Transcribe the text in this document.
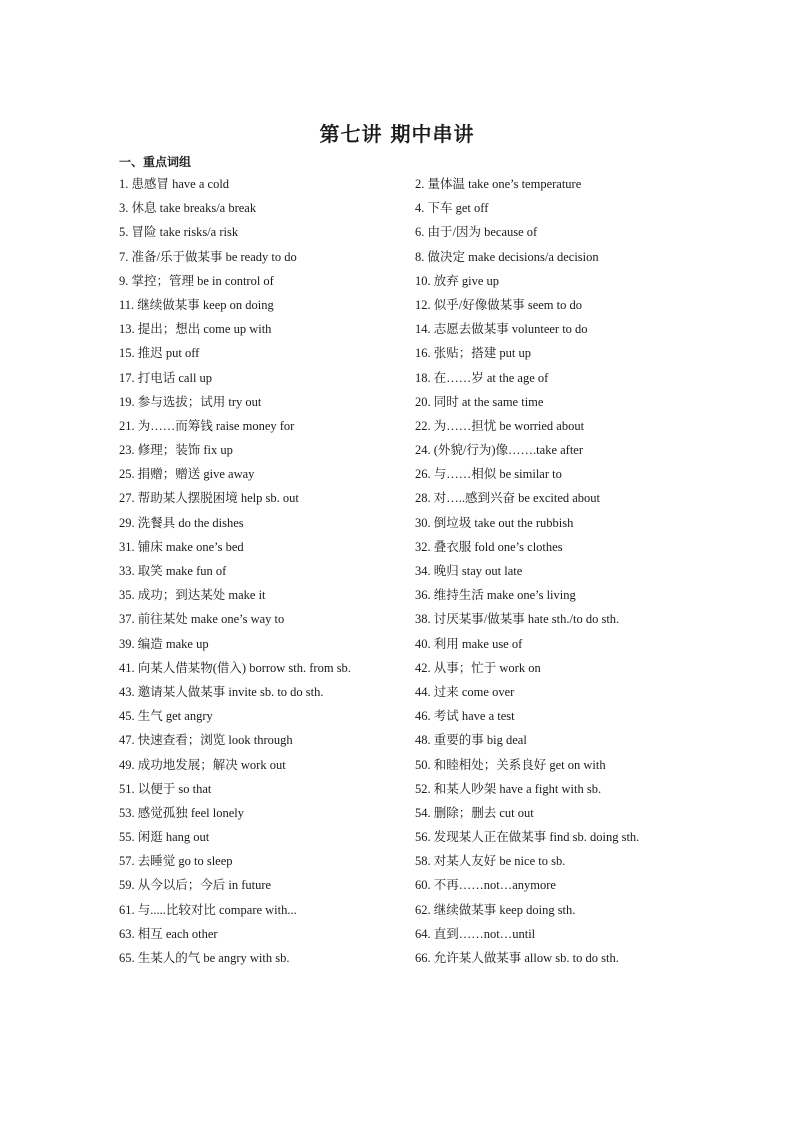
第七讲 期中串讲
一、重点词组
1. 患感冒 have a cold	2. 量体温 take one’s temperature
3. 休息 take breaks/a break	4. 下车 get off
5. 冒险 take risks/a risk	6. 由于/因为 because of
7. 准备/乐于做某事 be ready to do	8. 做决定 make decisions/a decision
9. 掌控；管理 be in control of	10. 放弃 give up
11. 继续做某事 keep on doing	12. 似乎/好像做某事 seem to do
13. 提出；想出 come up with	14. 志愿去做某事 volunteer to do
15. 推迟 put off	16. 张贴；搭建 put up
17. 打电话 call up	18. 在……岁 at the age of
19. 参与选拔；试用 try out	20. 同时 at the same time
21. 为……而筹钱 raise money for	22. 为……担忧 be worried about
23. 修理；装饰 fix up	24. (外貌/行为)像…….take after
25. 捐赠；赠送 give away	26. 与……相似 be similar to
27. 帮助某人摆脱困境 help sb. out	28. 对…..感到兴奋 be excited about
29. 洗餐具 do the dishes	30. 倒垃圾 take out the rubbish
31. 铺床 make one’s bed	32. 叠衣服 fold one’s clothes
33. 取笑 make fun of	34. 晚归 stay out late
35. 成功；到达某处 make it	36. 维持生活 make one’s living
37. 前往某处 make one’s way to	38. 讨厌某事/做某事 hate sth./to do sth.
39. 编造 make up	40. 利用 make use of
41. 向某人借某物(借入) borrow sth. from sb.	42. 从事；忙于 work on
43. 邀请某人做某事 invite sb. to do sth.	44. 过来 come over
45. 生气 get angry	46. 考试 have a test
47. 快速查看；浏览 look through	48. 重要的事 big deal
49. 成功地发展；解决 work out	50. 和睦相处；关系良好 get on with
51. 以便于 so that	52. 和某人吵架 have a fight with sb.
53. 感觉孤独 feel lonely	54. 删除；删去 cut out
55. 闲逛 hang out	56. 发现某人正在做某事 find sb. doing sth.
57. 去睡觉 go to sleep	58. 对某人友好 be nice to sb.
59. 从今以后；今后 in future	60. 不再……not…anymore
61. 与.....比较对比 compare with...	62. 继续做某事 keep doing sth.
63. 相互 each other	64. 直到……not…until
65. 生某人的气 be angry with sb.	66. 允许某人做某事 allow sb. to do sth.
